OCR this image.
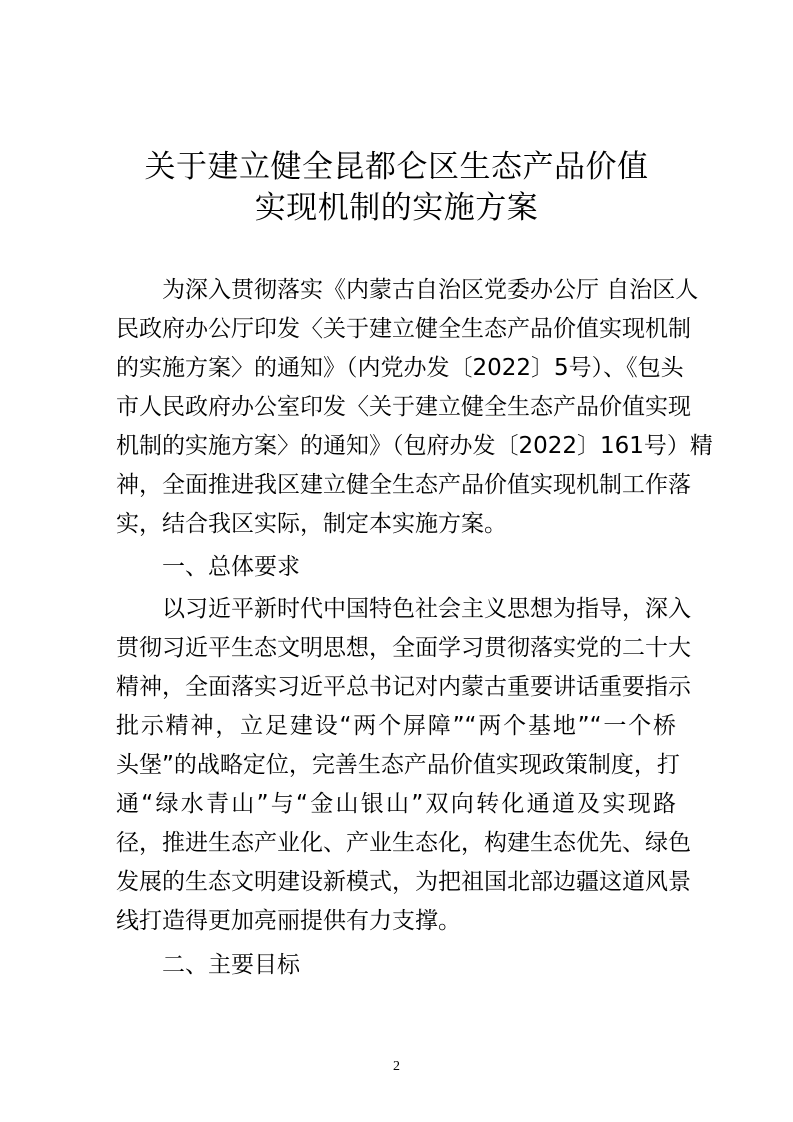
关于建立健全昆都仑区生态产品价值
实现机制的实施方案
为深入贯彻落实《内蒙古自治区党委办公厅 自治区人
民政府办公厅印发〈关于建立健全生态产品价值实现机制
的实施方案〉的通知》（内党办发〔2022〕5号）、《包头
市人民政府办公室印发〈关于建立健全生态产品价值实现
机制的实施方案〉的通知》（包府办发〔2022〕161号）精
神，全面推进我区建立健全生态产品价值实现机制工作落
实，结合我区实际，制定本实施方案。
一、总体要求
以习近平新时代中国特色社会主义思想为指导，深入
贯彻习近平生态文明思想，全面学习贯彻落实党的二十大
精神，全面落实习近平总书记对内蒙古重要讲话重要指示
批示精神，立足建设“两个屏障”“两个基地”“一个桥
头堡”的战略定位，完善生态产品价值实现政策制度，打
通“绿水青山”与“金山银山”双向转化通道及实现路
径，推进生态产业化、产业生态化，构建生态优先、绿色
发展的生态文明建设新模式，为把祖国北部边疆这道风景
线打造得更加亮丽提供有力支撑。
二、主要目标
2
